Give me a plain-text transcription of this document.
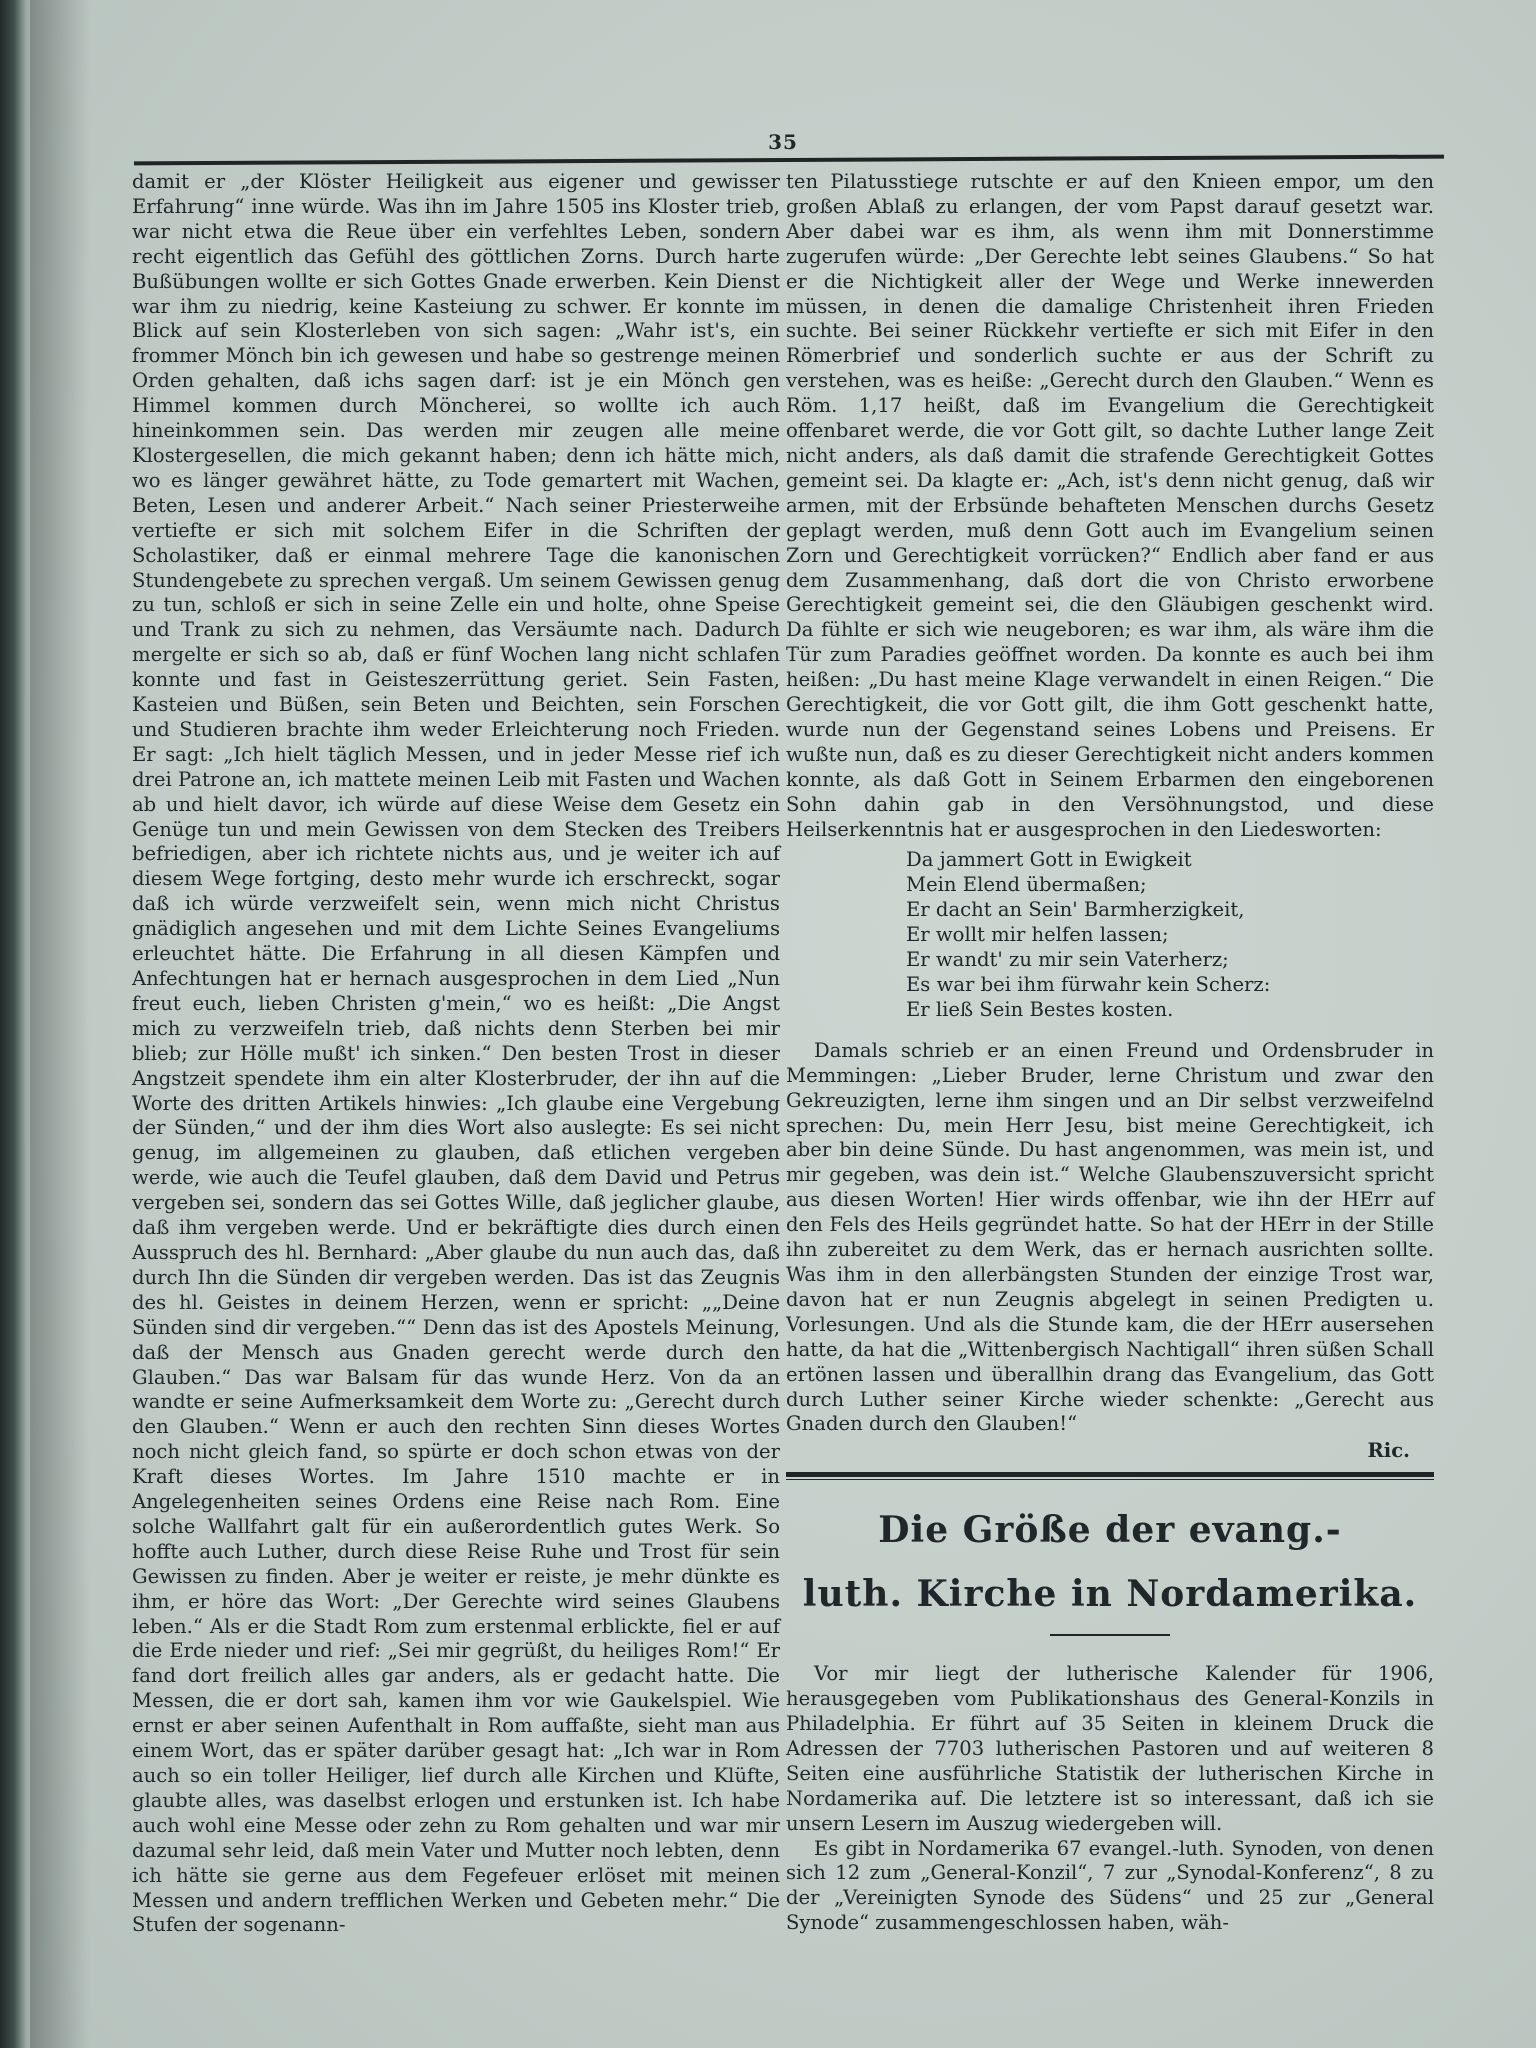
35

damit er „der Klöster Heiligkeit aus eigener und gewisser Erfahrung“ inne würde. Was ihn im Jahre 1505 ins Kloster trieb, war nicht etwa die Reue über ein verfehltes Leben, sondern recht eigentlich das Gefühl des göttlichen Zorns. Durch harte Bußübungen wollte er sich Gottes Gnade erwerben. Kein Dienst war ihm zu niedrig, keine Kasteiung zu schwer. Er konnte im Blick auf sein Klosterleben von sich sagen: „Wahr ist's, ein frommer Mönch bin ich gewesen und habe so gestrenge meinen Orden gehalten, daß ichs sagen darf: ist je ein Mönch gen Himmel kommen durch Möncherei, so wollte ich auch hineinkommen sein. Das werden mir zeugen alle meine Klostergesellen, die mich gekannt haben; denn ich hätte mich, wo es länger gewähret hätte, zu Tode gemartert mit Wachen, Beten, Lesen und anderer Arbeit.“ Nach seiner Priesterweihe vertiefte er sich mit solchem Eifer in die Schriften der Scholastiker, daß er einmal mehrere Tage die kanonischen Stundengebete zu sprechen vergaß. Um seinem Gewissen genug zu tun, schloß er sich in seine Zelle ein und holte, ohne Speise und Trank zu sich zu nehmen, das Versäumte nach. Dadurch mergelte er sich so ab, daß er fünf Wochen lang nicht schlafen konnte und fast in Geisteszerrüttung geriet. Sein Fasten, Kasteien und Büßen, sein Beten und Beichten, sein Forschen und Studieren brachte ihm weder Erleichterung noch Frieden. Er sagt: „Ich hielt täglich Messen, und in jeder Messe rief ich drei Patrone an, ich mattete meinen Leib mit Fasten und Wachen ab und hielt davor, ich würde auf diese Weise dem Gesetz ein Genüge tun und mein Gewissen von dem Stecken des Treibers befriedigen, aber ich richtete nichts aus, und je weiter ich auf diesem Wege fortging, desto mehr wurde ich erschreckt, sogar daß ich würde verzweifelt sein, wenn mich nicht Christus gnädiglich angesehen und mit dem Lichte Seines Evangeliums erleuchtet hätte. Die Erfahrung in all diesen Kämpfen und Anfechtungen hat er hernach ausgesprochen in dem Lied „Nun freut euch, lieben Christen g'mein,“ wo es heißt: „Die Angst mich zu verzweifeln trieb, daß nichts denn Sterben bei mir blieb; zur Hölle mußt' ich sinken.“ Den besten Trost in dieser Angstzeit spendete ihm ein alter Klosterbruder, der ihn auf die Worte des dritten Artikels hinwies: „Ich glaube eine Vergebung der Sünden,“ und der ihm dies Wort also auslegte: Es sei nicht genug, im allgemeinen zu glauben, daß etlichen vergeben werde, wie auch die Teufel glauben, daß dem David und Petrus vergeben sei, sondern das sei Gottes Wille, daß jeglicher glaube, daß ihm vergeben werde. Und er bekräftigte dies durch einen Ausspruch des hl. Bernhard: „Aber glaube du nun auch das, daß durch Ihn die Sünden dir vergeben werden. Das ist das Zeugnis des hl. Geistes in deinem Herzen, wenn er spricht: „„Deine Sünden sind dir vergeben.““ Denn das ist des Apostels Meinung, daß der Mensch aus Gnaden gerecht werde durch den Glauben.“ Das war Balsam für das wunde Herz. Von da an wandte er seine Aufmerksamkeit dem Worte zu: „Gerecht durch den Glauben.“ Wenn er auch den rechten Sinn dieses Wortes noch nicht gleich fand, so spürte er doch schon etwas von der Kraft dieses Wortes. Im Jahre 1510 machte er in Angelegenheiten seines Ordens eine Reise nach Rom. Eine solche Wallfahrt galt für ein außerordentlich gutes Werk. So hoffte auch Luther, durch diese Reise Ruhe und Trost für sein Gewissen zu finden. Aber je weiter er reiste, je mehr dünkte es ihm, er höre das Wort: „Der Gerechte wird seines Glaubens leben.“ Als er die Stadt Rom zum erstenmal erblickte, fiel er auf die Erde nieder und rief: „Sei mir gegrüßt, du heiliges Rom!“ Er fand dort freilich alles gar anders, als er gedacht hatte. Die Messen, die er dort sah, kamen ihm vor wie Gaukelspiel. Wie ernst er aber seinen Aufenthalt in Rom auffaßte, sieht man aus einem Wort, das er später darüber gesagt hat: „Ich war in Rom auch so ein toller Heiliger, lief durch alle Kirchen und Klüfte, glaubte alles, was daselbst erlogen und erstunken ist. Ich habe auch wohl eine Messe oder zehn zu Rom gehalten und war mir dazumal sehr leid, daß mein Vater und Mutter noch lebten, denn ich hätte sie gerne aus dem Fegefeuer erlöset mit meinen Messen und andern trefflichen Werken und Gebeten mehr.“ Die Stufen der sogenann-

ten Pilatusstiege rutschte er auf den Knieen empor, um den großen Ablaß zu erlangen, der vom Papst darauf gesetzt war. Aber dabei war es ihm, als wenn ihm mit Donnerstimme zugerufen würde: „Der Gerechte lebt seines Glaubens.“ So hat er die Nichtigkeit aller der Wege und Werke innewerden müssen, in denen die damalige Christenheit ihren Frieden suchte. Bei seiner Rückkehr vertiefte er sich mit Eifer in den Römerbrief und sonderlich suchte er aus der Schrift zu verstehen, was es heiße: „Gerecht durch den Glauben.“ Wenn es Röm. 1,17 heißt, daß im Evangelium die Gerechtigkeit offenbaret werde, die vor Gott gilt, so dachte Luther lange Zeit nicht anders, als daß damit die strafende Gerechtigkeit Gottes gemeint sei. Da klagte er: „Ach, ist's denn nicht genug, daß wir armen, mit der Erbsünde behafteten Menschen durchs Gesetz geplagt werden, muß denn Gott auch im Evangelium seinen Zorn und Gerechtigkeit vorrücken?“ Endlich aber fand er aus dem Zusammenhang, daß dort die von Christo erworbene Gerechtigkeit gemeint sei, die den Gläubigen geschenkt wird. Da fühlte er sich wie neugeboren; es war ihm, als wäre ihm die Tür zum Paradies geöffnet worden. Da konnte es auch bei ihm heißen: „Du hast meine Klage verwandelt in einen Reigen.“ Die Gerechtigkeit, die vor Gott gilt, die ihm Gott geschenkt hatte, wurde nun der Gegenstand seines Lobens und Preisens. Er wußte nun, daß es zu dieser Gerechtigkeit nicht anders kommen konnte, als daß Gott in Seinem Erbarmen den eingeborenen Sohn dahin gab in den Versöhnungstod, und diese Heilserkenntnis hat er ausgesprochen in den Liedesworten:

Da jammert Gott in Ewigkeit
Mein Elend übermaßen;
Er dacht an Sein' Barmherzigkeit,
Er wollt mir helfen lassen;
Er wandt' zu mir sein Vaterherz;
Es war bei ihm fürwahr kein Scherz:
Er ließ Sein Bestes kosten.

Damals schrieb er an einen Freund und Ordensbruder in Memmingen: „Lieber Bruder, lerne Christum und zwar den Gekreuzigten, lerne ihm singen und an Dir selbst verzweifelnd sprechen: Du, mein Herr Jesu, bist meine Gerechtigkeit, ich aber bin deine Sünde. Du hast angenommen, was mein ist, und mir gegeben, was dein ist.“ Welche Glaubenszuversicht spricht aus diesen Worten! Hier wirds offenbar, wie ihn der HErr auf den Fels des Heils gegründet hatte. So hat der HErr in der Stille ihn zubereitet zu dem Werk, das er hernach ausrichten sollte. Was ihm in den allerbängsten Stunden der einzige Trost war, davon hat er nun Zeugnis abgelegt in seinen Predigten u. Vorlesungen. Und als die Stunde kam, die der HErr ausersehen hatte, da hat die „Wittenbergisch Nachtigall“ ihren süßen Schall ertönen lassen und überallhin drang das Evangelium, das Gott durch Luther seiner Kirche wieder schenkte: „Gerecht aus Gnaden durch den Glauben!“

Ric.

Die Größe der evang.-
luth. Kirche in Nordamerika.

Vor mir liegt der lutherische Kalender für 1906, herausgegeben vom Publikationshaus des General-Konzils in Philadelphia. Er führt auf 35 Seiten in kleinem Druck die Adressen der 7703 lutherischen Pastoren und auf weiteren 8 Seiten eine ausführliche Statistik der lutherischen Kirche in Nordamerika auf. Die letztere ist so interessant, daß ich sie unsern Lesern im Auszug wiedergeben will.

Es gibt in Nordamerika 67 evangel.-luth. Synoden, von denen sich 12 zum „General-Konzil“, 7 zur „Synodal-Konferenz“, 8 zu der „Vereinigten Synode des Südens“ und 25 zur „General Synode“ zusammengeschlossen haben, wäh-
